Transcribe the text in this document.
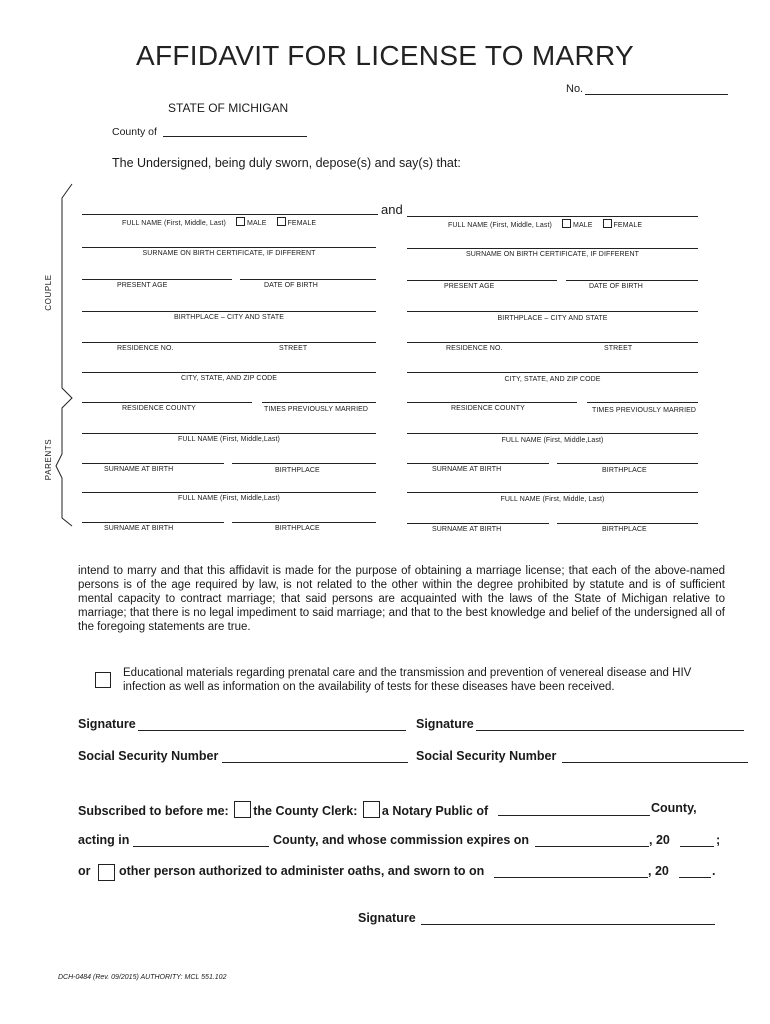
AFFIDAVIT FOR LICENSE TO MARRY
No.
STATE OF MICHIGAN
County of
The Undersigned, being duly sworn, depose(s) and say(s) that:
COUPLE
PARENTS
and
FULL NAME (First, Middle, Last)	MALE	FEMALE
SURNAME ON BIRTH CERTIFICATE, IF DIFFERENT
PRESENT AGE	DATE OF BIRTH
BIRTHPLACE – CITY AND STATE
RESIDENCE NO.	STREET
CITY, STATE, AND ZIP CODE
RESIDENCE COUNTY	TIMES PREVIOUSLY MARRIED
FULL NAME (First, Middle,Last)
SURNAME AT BIRTH	BIRTHPLACE
FULL NAME (First, Middle,Last)
SURNAME AT BIRTH	BIRTHPLACE
FULL NAME (First, Middle, Last)	MALE	FEMALE
SURNAME ON BIRTH CERTIFICATE, IF DIFFERENT
PRESENT AGE	DATE OF BIRTH
BIRTHPLACE – CITY AND STATE
RESIDENCE NO.	STREET
CITY, STATE, AND ZIP CODE
RESIDENCE COUNTY	TIMES PREVIOUSLY MARRIED
FULL NAME (First, Middle,Last)
SURNAME AT BIRTH	BIRTHPLACE
FULL NAME (First, Middle, Last)
SURNAME AT BIRTH	BIRTHPLACE
intend to marry and that this affidavit is made for the purpose of obtaining a marriage license; that each of the above-named persons is of the age required by law, is not related to the other within the degree prohibited by statute and is of sufficient mental capacity to contract marriage; that said persons are acquainted with the laws of the State of Michigan relative to marriage; that there is no legal impediment to said marriage; and that to the best knowledge and belief of the undersigned all of the foregoing statements are true.
Educational materials regarding prenatal care and the transmission and prevention of venereal disease and HIV infection as well as information on the availability of tests for these diseases have been received.
Signature	Signature
Social Security Number	Social Security Number
Subscribed to before me: the County Clerk: a Notary Public of	County,
acting in	County, and whose commission expires on	, 20	;
or other person authorized to administer oaths, and sworn to on	, 20	.
Signature
DCH-0484 (Rev. 09/2015) AUTHORITY: MCL 551.102
